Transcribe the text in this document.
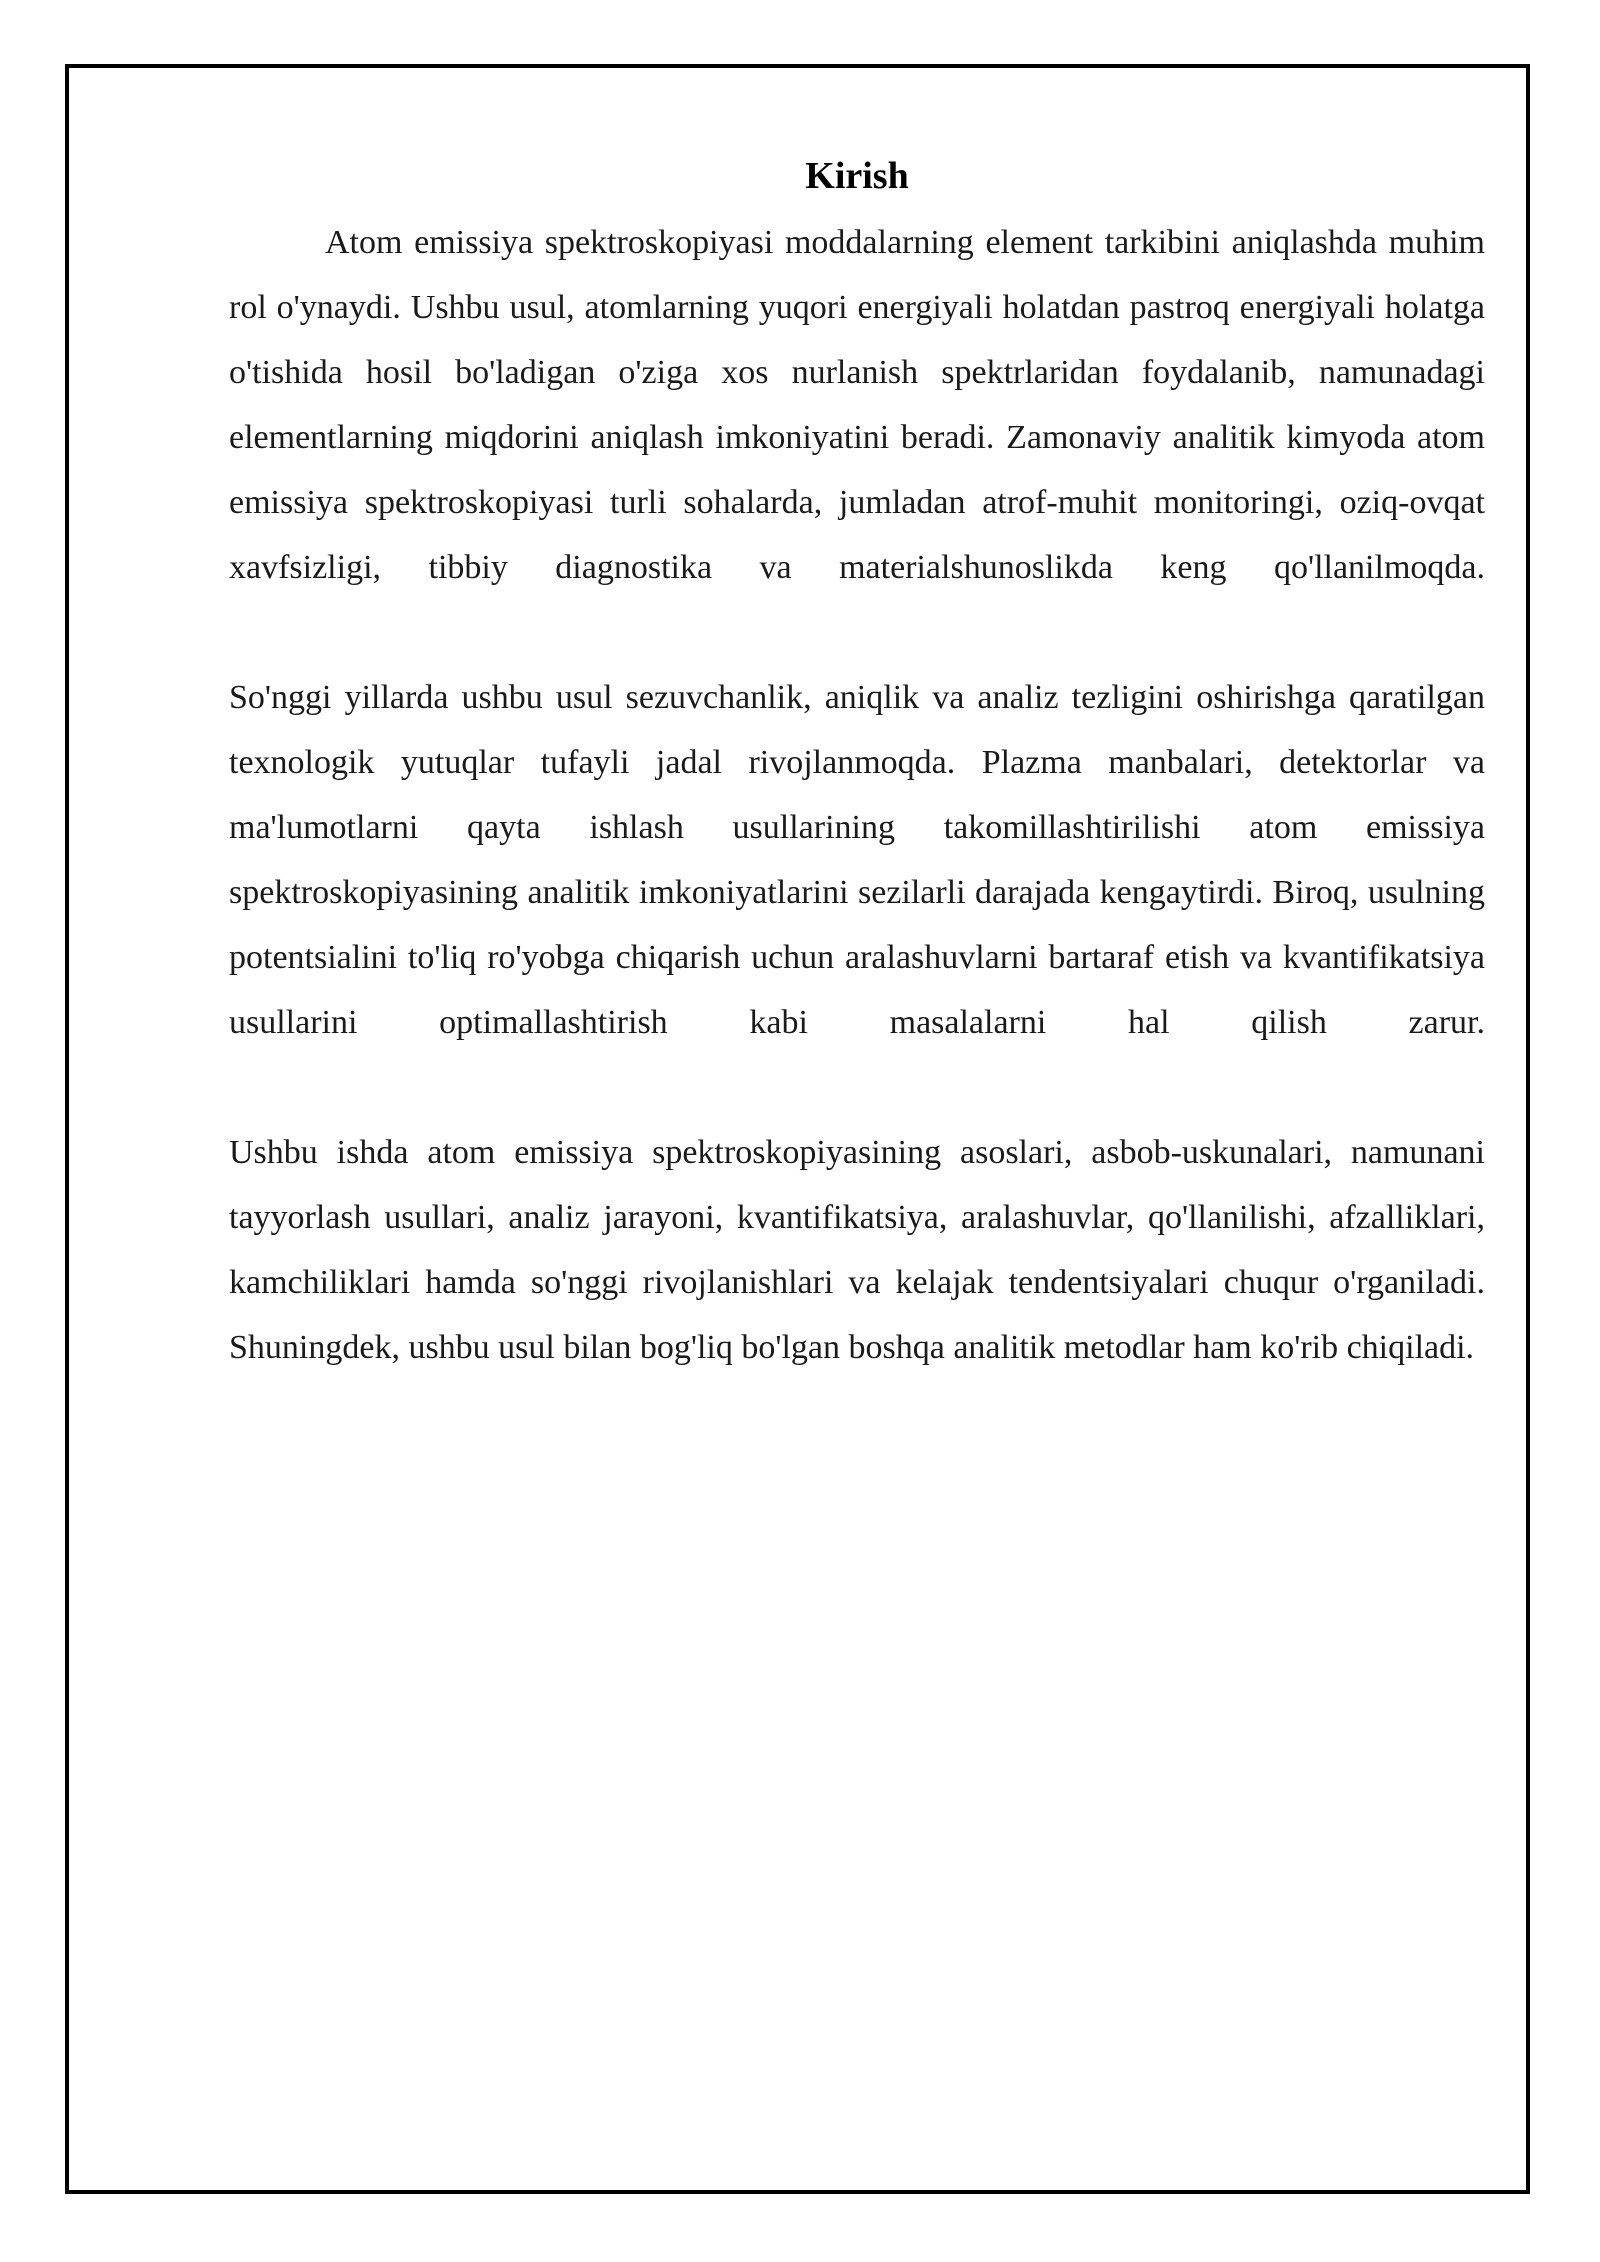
Kirish

Atom emissiya spektroskopiyasi moddalarning element tarkibini aniqlashda muhim rol o'ynaydi. Ushbu usul, atomlarning yuqori energiyali holatdan pastroq energiyali holatga o'tishida hosil bo'ladigan o'ziga xos nurlanish spektrlaridan foydalanib, namunadagi elementlarning miqdorini aniqlash imkoniyatini beradi. Zamonaviy analitik kimyoda atom emissiya spektroskopiyasi turli sohalarda, jumladan atrof-muhit monitoringi, oziq-ovqat xavfsizligi, tibbiy diagnostika va materialshunoslikda keng qo'llanilmoqda.

So'nggi yillarda ushbu usul sezuvchanlik, aniqlik va analiz tezligini oshirishga qaratilgan texnologik yutuqlar tufayli jadal rivojlanmoqda. Plazma manbalari, detektorlar va ma'lumotlarni qayta ishlash usullarining takomillashtirilishi atom emissiya spektroskopiyasining analitik imkoniyatlarini sezilarli darajada kengaytirdi. Biroq, usulning potentsialini to'liq ro'yobga chiqarish uchun aralashuvlarni bartaraf etish va kvantifikatsiya usullarini optimallashtirish kabi masalalarni hal qilish zarur.

Ushbu ishda atom emissiya spektroskopiyasining asoslari, asbob-uskunalari, namunani tayyorlash usullari, analiz jarayoni, kvantifikatsiya, aralashuvlar, qo'llanilishi, afzalliklari, kamchiliklari hamda so'nggi rivojlanishlari va kelajak tendentsiyalari chuqur o'rganiladi. Shuningdek, ushbu usul bilan bog'liq bo'lgan boshqa analitik metodlar ham ko'rib chiqiladi.
